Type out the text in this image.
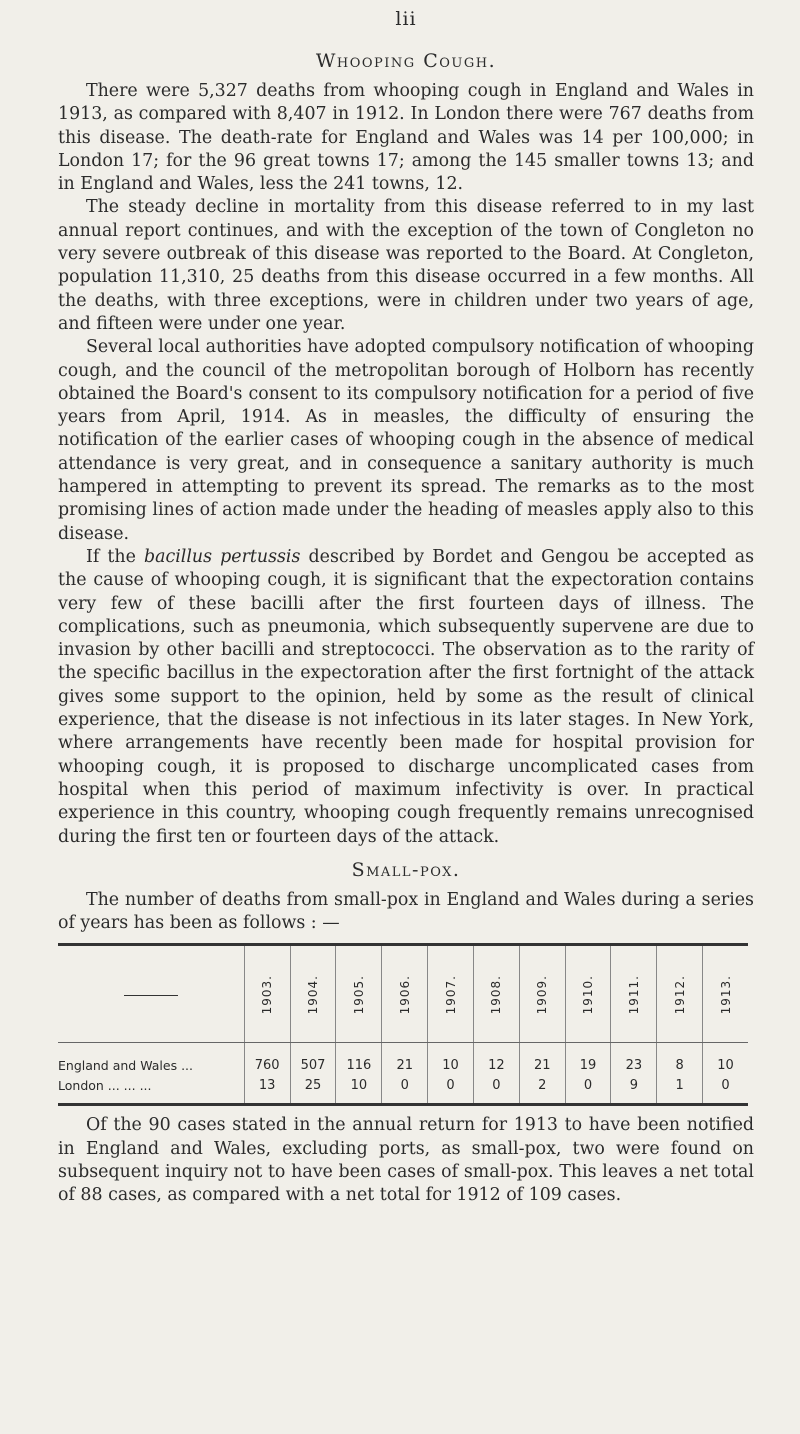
lii
Whooping Cough.

There were 5,327 deaths from whooping cough in England and Wales in 1913, as compared with 8,407 in 1912. In London there were 767 deaths from this disease. The death-rate for England and Wales was 14 per 100,000; in London 17; for the 96 great towns 17; among the 145 smaller towns 13; and in England and Wales, less the 241 towns, 12.

The steady decline in mortality from this disease referred to in my last annual report continues, and with the exception of the town of Congleton no very severe outbreak of this disease was reported to the Board. At Congleton, population 11,310, 25 deaths from this disease occurred in a few months. All the deaths, with three exceptions, were in children under two years of age, and fifteen were under one year.

Several local authorities have adopted compulsory notification of whooping cough, and the council of the metropolitan borough of Holborn has recently obtained the Board's consent to its compulsory notification for a period of five years from April, 1914. As in measles, the difficulty of ensuring the notification of the earlier cases of whooping cough in the absence of medical attendance is very great, and in consequence a sanitary authority is much hampered in attempting to prevent its spread. The remarks as to the most promising lines of action made under the heading of measles apply also to this disease.

If the bacillus pertussis described by Bordet and Gengou be accepted as the cause of whooping cough, it is significant that the expectoration contains very few of these bacilli after the first fourteen days of illness. The complications, such as pneumonia, which subsequently supervene are due to invasion by other bacilli and streptococci. The observation as to the rarity of the specific bacillus in the expectoration after the first fortnight of the attack gives some support to the opinion, held by some as the result of clinical experience, that the disease is not infectious in its later stages. In New York, where arrangements have recently been made for hospital provision for whooping cough, it is proposed to discharge uncomplicated cases from hospital when this period of maximum infectivity is over. In practical experience in this country, whooping cough frequently remains unrecognised during the first ten or fourteen days of the attack.

Small-pox.

The number of deaths from small-pox in England and Wales during a series of years has been as follows : —

	1903.	1904.	1905.	1906.	1907.	1908.	1909.	1910.	1911.	1912.	1913.

England and Wales ...	760	507	116	21	10	12	21	19	23	8	10
London ... ... ...	13	25	10	0	0	0	2	0	9	1	0

Of the 90 cases stated in the annual return for 1913 to have been notified in England and Wales, excluding ports, as small-pox, two were found on subsequent inquiry not to have been cases of small-pox. This leaves a net total of 88 cases, as compared with a net total for 1912 of 109 cases.
